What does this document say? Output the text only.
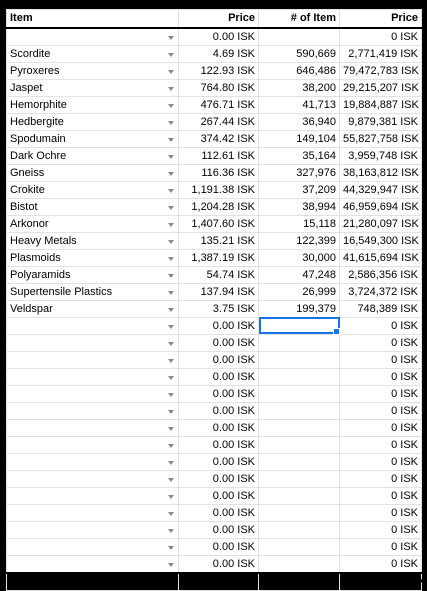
Item	Price	# of Item	Price

	0.00 ISK		0 ISK
Scordite	4.69 ISK	590,669	2,771,419 ISK
Pyroxeres	122.93 ISK	646,486	79,472,783 ISK
Jaspet	764.80 ISK	38,200	29,215,207 ISK
Hemorphite	476.71 ISK	41,713	19,884,887 ISK
Hedbergite	267.44 ISK	36,940	9,879,381 ISK
Spodumain	374.42 ISK	149,104	55,827,758 ISK
Dark Ochre	112.61 ISK	35,164	3,959,748 ISK
Gneiss	116.36 ISK	327,976	38,163,812 ISK
Crokite	1,191.38 ISK	37,209	44,329,947 ISK
Bistot	1,204.28 ISK	38,994	46,959,694 ISK
Arkonor	1,407.60 ISK	15,118	21,280,097 ISK
Heavy Metals	135.21 ISK	122,399	16,549,300 ISK
Plasmoids	1,387.19 ISK	30,000	41,615,694 ISK
Polyaramids	54.74 ISK	47,248	2,586,356 ISK
Supertensile Plastics	137.94 ISK	26,999	3,724,372 ISK
Veldspar	3.75 ISK	199,379	748,389 ISK

	0.00 ISK		0 ISK

	0.00 ISK		0 ISK

	0.00 ISK		0 ISK

	0.00 ISK		0 ISK

	0.00 ISK		0 ISK

	0.00 ISK		0 ISK

	0.00 ISK		0 ISK

	0.00 ISK		0 ISK

	0.00 ISK		0 ISK

	0.00 ISK		0 ISK

	0.00 ISK		0 ISK

	0.00 ISK		0 ISK

	0.00 ISK		0 ISK

	0.00 ISK		0 ISK

	0.00 ISK		0 ISK
Total			416,968,843 ISK
